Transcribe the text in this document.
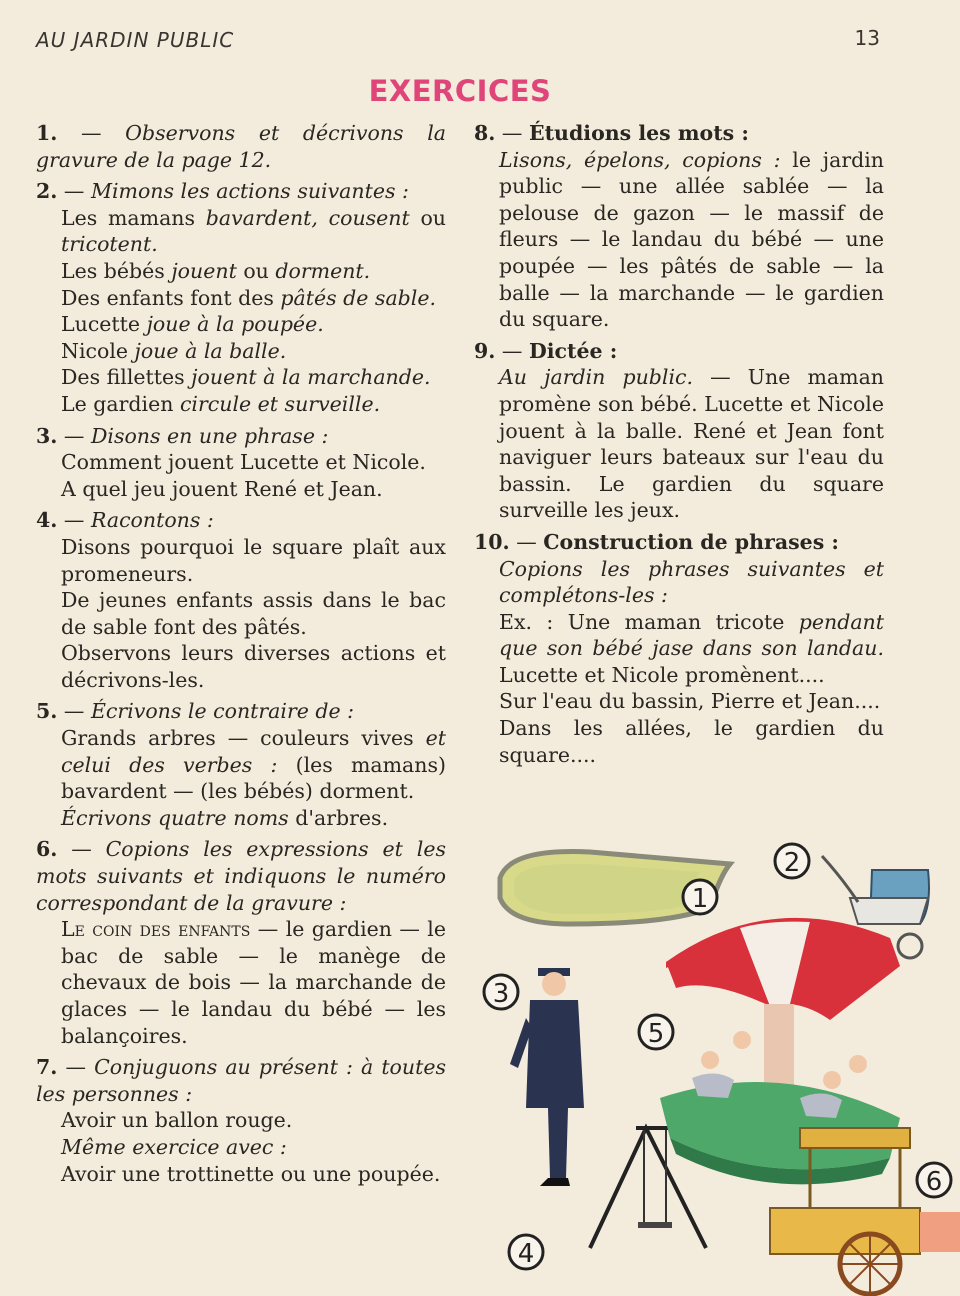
AU JARDIN PUBLIC	13
EXERCICES
1. — Observons et décrivons la gravure de la page 12.
2. — Mimons les actions suivantes :
Les mamans bavardent, cousent ou tricotent.
Les bébés jouent ou dorment.
Des enfants font des pâtés de sable.
Lucette joue à la poupée.
Nicole joue à la balle.
Des fillettes jouent à la marchande.
Le gardien circule et surveille.
3. — Disons en une phrase :
Comment jouent Lucette et Nicole.
A quel jeu jouent René et Jean.
4. — Racontons :
Disons pourquoi le square plaît aux promeneurs.
De jeunes enfants assis dans le bac de sable font des pâtés.
Observons leurs diverses actions et décrivons-les.
5. — Écrivons le contraire de :
Grands arbres — couleurs vives et celui des verbes : (les mamans) bavardent — (les bébés) dorment.
Écrivons quatre noms d'arbres.
6. — Copions les expressions et les mots suivants et indiquons le numéro correspondant de la gravure :
Le coin des enfants — le gardien — le bac de sable — le manège de chevaux de bois — la marchande de glaces — le landau du bébé — les balançoires.
7. — Conjuguons au présent : à toutes les personnes :
Avoir un ballon rouge.
Même exercice avec :
Avoir une trottinette ou une poupée.
8. — Étudions les mots :
Lisons, épelons, copions : le jardin public — une allée sablée — la pelouse de gazon — le massif de fleurs — le landau du bébé — une poupée — les pâtés de sable — la balle — la marchande — le gardien du square.
9. — Dictée :
Au jardin public. — Une maman promène son bébé. Lucette et Nicole jouent à la balle. René et Jean font naviguer leurs bateaux sur l'eau du bassin. Le gardien du square surveille les jeux.
10. — Construction de phrases :
Copions les phrases suivantes et complétons-les :
Ex. : Une maman tricote pendant que son bébé jase dans son landau. Lucette et Nicole promènent....
Sur l'eau du bassin, Pierre et Jean....
Dans les allées, le gardien du square....
1
2
3
4
5
6
